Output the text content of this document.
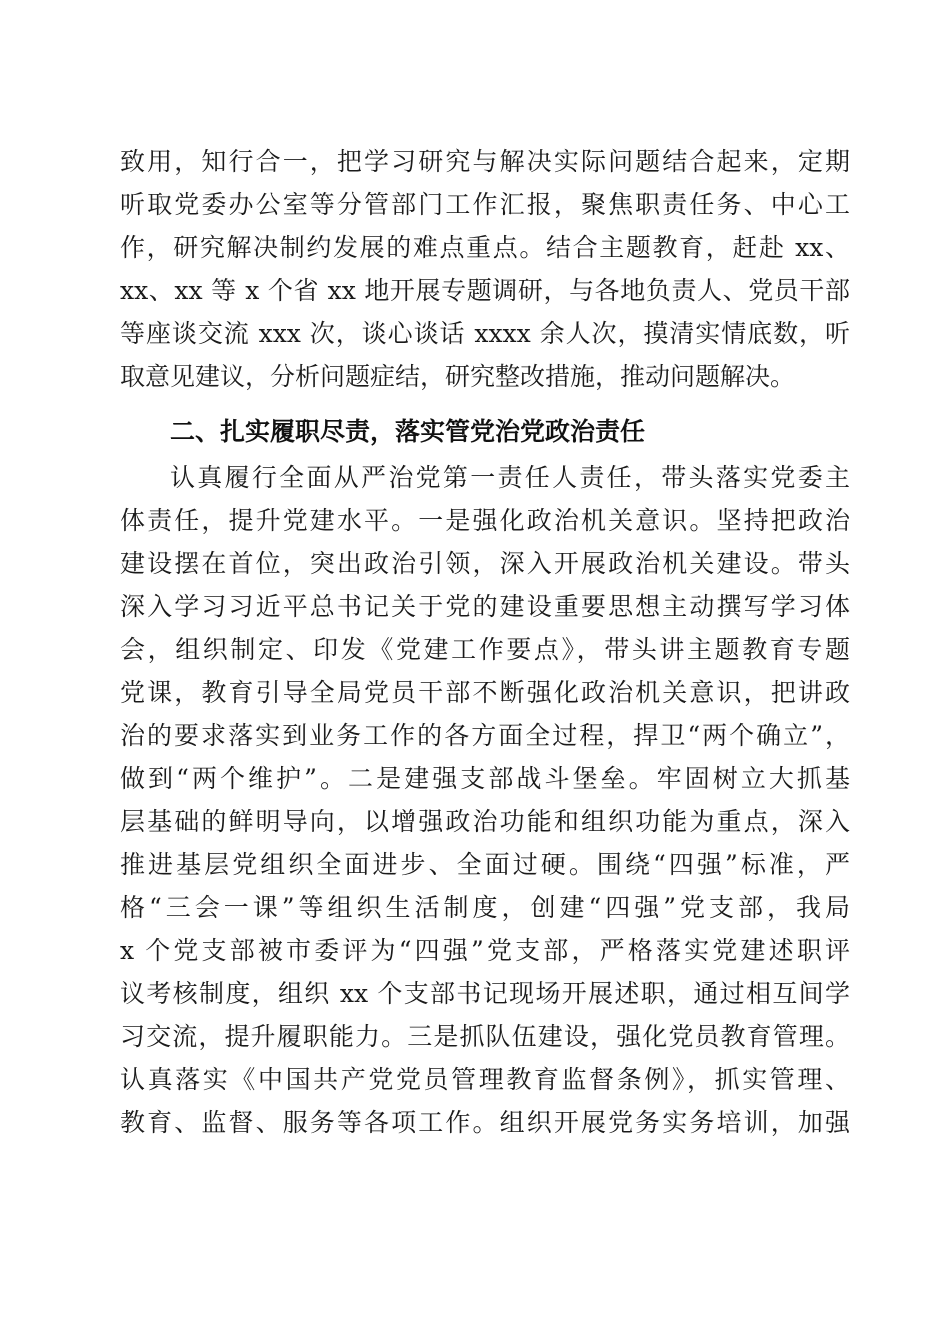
致用，知行合一，把学习研究与解决实际问题结合起来，定期
听取党委办公室等分管部门工作汇报，聚焦职责任务、中心工
作，研究解决制约发展的难点重点。结合主题教育，赶赴 xx、
xx、xx 等 x 个省 xx 地开展专题调研，与各地负责人、党员干部
等座谈交流 xxx 次，谈心谈话 xxxx 余人次，摸清实情底数，听
取意见建议，分析问题症结，研究整改措施，推动问题解决。
二、扎实履职尽责，落实管党治党政治责任
认真履行全面从严治党第一责任人责任，带头落实党委主
体责任，提升党建水平。一是强化政治机关意识。坚持把政治
建设摆在首位，突出政治引领，深入开展政治机关建设。带头
深入学习习近平总书记关于党的建设重要思想主动撰写学习体
会，组织制定、印发《党建工作要点》，带头讲主题教育专题
党课，教育引导全局党员干部不断强化政治机关意识，把讲政
治的要求落实到业务工作的各方面全过程，捍卫“两个确立”，
做到“两个维护”。二是建强支部战斗堡垒。牢固树立大抓基
层基础的鲜明导向，以增强政治功能和组织功能为重点，深入
推进基层党组织全面进步、全面过硬。围绕“四强”标准，严
格“三会一课”等组织生活制度，创建“四强”党支部，我局
x 个党支部被市委评为“四强”党支部，严格落实党建述职评
议考核制度，组织 xx 个支部书记现场开展述职，通过相互间学
习交流，提升履职能力。三是抓队伍建设，强化党员教育管理。
认真落实《中国共产党党员管理教育监督条例》，抓实管理、
教育、监督、服务等各项工作。组织开展党务实务培训，加强
